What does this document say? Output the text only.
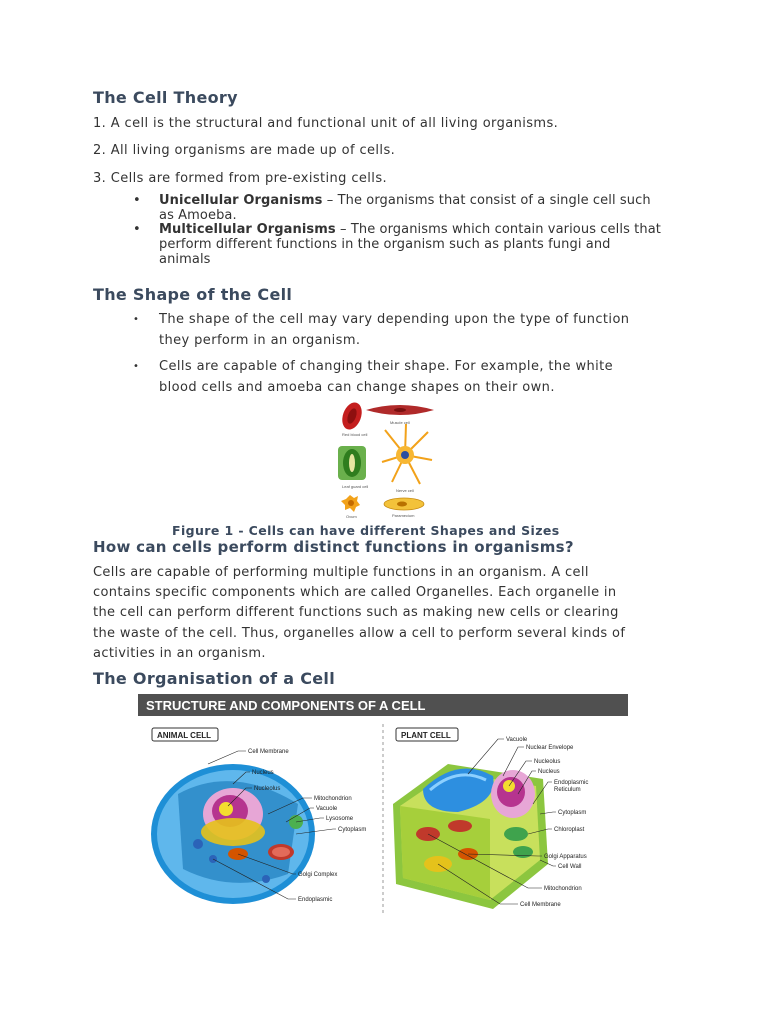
The Cell Theory

1. A cell is the structural and functional unit of all living organisms.

2. All living organisms are made up of cells.

3. Cells are formed from pre-existing cells.

• Unicellular Organisms – The organisms that consist of a single cell such
as Amoeba.
• Multicellular Organisms – The organisms which contain various cells that
perform different functions in the organism such as plants fungi and
animals
The Shape of the Cell
• The shape of the cell may vary depending upon the type of function
they perform in an organism.
• Cells are capable of changing their shape. For example, the white
blood cells and amoeba can change shapes on their own.
Red blood cell
Muscle cell
Leaf guard cell
Nerve cell
Ovum	Paramecium
Figure 1 - Cells can have different Shapes and Sizes
How can cells perform distinct functions in organisms?

Cells are capable of performing multiple functions in an organism. A cell

contains specific components which are called Organelles. Each organelle in

the cell can perform different functions such as making new cells or clearing

the waste of the cell. Thus, organelles allow a cell to perform several kinds of

activities in an organism.

The Organisation of a Cell
STRUCTURE AND COMPONENTS OF A CELL
ANIMAL CELL
Cell Membrane
Nucleus
Nucleolus
Mitochondrion
Vacuole
Lysosome
Cytoplasm
Golgi Complex
Endoplasmic
PLANT CELL	Vacuole
Nuclear Envelope
Nucleolus
Nucleus
Endoplasmic
Reticulum
Cytoplasm
Chloroplast
Golgi Apparatus
Cell Wall
Mitochondrion
Cell Membrane
